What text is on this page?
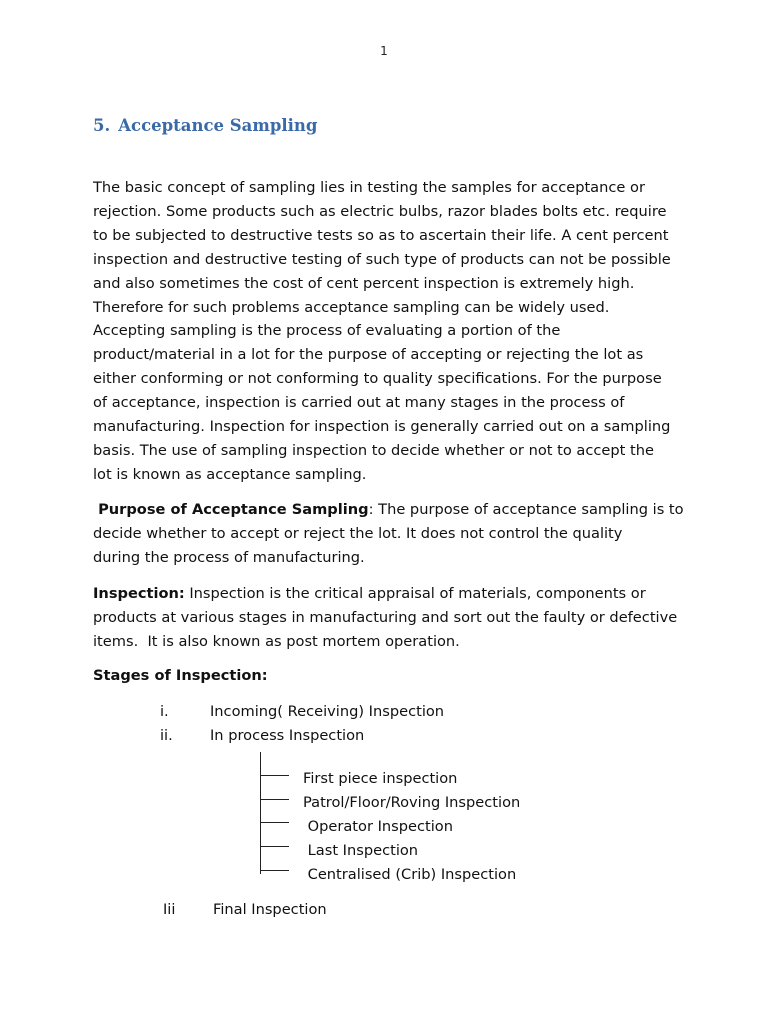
1
5. Acceptance Sampling

The basic concept of sampling lies in testing the samples for acceptance or
rejection. Some products such as electric bulbs, razor blades bolts etc. require
to be subjected to destructive tests so as to ascertain their life. A cent percent
inspection and destructive testing of such type of products can not be possible
and also sometimes the cost of cent percent inspection is extremely high.
Therefore for such problems acceptance sampling can be widely used.
Accepting sampling is the process of evaluating a portion of the
product/material in a lot for the purpose of accepting or rejecting the lot as
either conforming or not conforming to quality specifications. For the purpose
of acceptance, inspection is carried out at many stages in the process of
manufacturing. Inspection for inspection is generally carried out on a sampling
basis. The use of sampling inspection to decide whether or not to accept the
lot is known as acceptance sampling.

Purpose of Acceptance Sampling: The purpose of acceptance sampling is to
decide whether to accept or reject the lot. It does not control the quality
during the process of manufacturing.

Inspection: Inspection is the critical appraisal of materials, components or
products at various stages in manufacturing and sort out the faulty or defective
items.  It is also known as post mortem operation.

Stages of Inspection:
i.	Incoming( Receiving) Inspection
ii.	In process Inspection
First piece inspection
Patrol/Floor/Roving Inspection
Operator Inspection
Last Inspection
Centralised (Crib) Inspection
Iii	Final Inspection
